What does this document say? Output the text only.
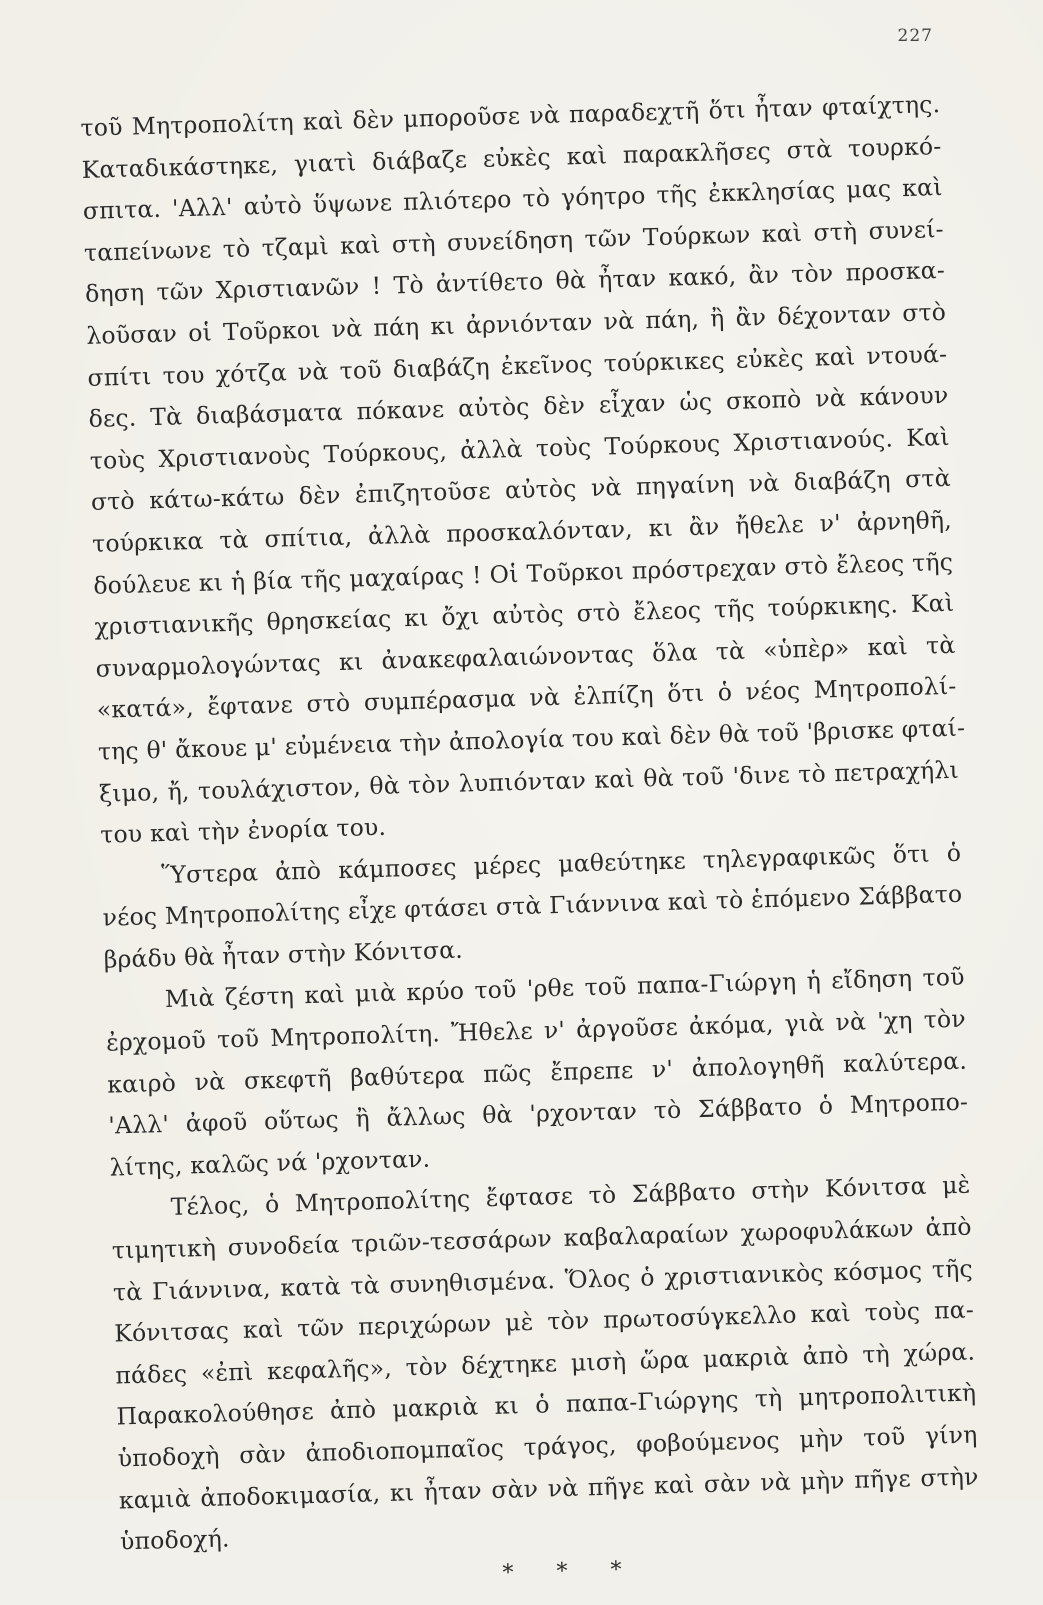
227
τοῦ Μητροπολίτη καὶ δὲν μποροῦσε νὰ παραδεχτῆ ὅτι ἦταν φταίχτης.
Καταδικάστηκε, γιατὶ διάβαζε εὐκὲς καὶ παρακλῆσες στὰ τουρκό-
σπιτα. 'Αλλ' αὐτὸ ὕψωνε πλιότερο τὸ γόητρο τῆς ἐκκλησίας μας καὶ
ταπείνωνε τὸ τζαμὶ καὶ στὴ συνείδηση τῶν Τούρκων καὶ στὴ συνεί-
δηση τῶν Χριστιανῶν ! Τὸ ἀντίθετο θὰ ἦταν κακό, ἂν τὸν προσκα-
λοῦσαν οἱ Τοῦρκοι νὰ πάη κι ἀρνιόνταν νὰ πάη, ἢ ἂν δέχονταν στὸ
σπίτι του χότζα νὰ τοῦ διαβάζη ἐκεῖνος τούρκικες εὐκὲς καὶ ντουά-
δες. Τὰ διαβάσματα πόκανε αὐτὸς δὲν εἶχαν ὡς σκοπὸ νὰ κάνουν
τοὺς Χριστιανοὺς Τούρκους, ἀλλὰ τοὺς Τούρκους Χριστιανούς. Καὶ
στὸ κάτω-κάτω δὲν ἐπιζητοῦσε αὐτὸς νὰ πηγαίνη νὰ διαβάζη στὰ
τούρκικα τὰ σπίτια, ἀλλὰ προσκαλόνταν, κι ἂν ἤθελε ν' ἀρνηθῆ,
δούλευε κι ἡ βία τῆς μαχαίρας ! Οἱ Τοῦρκοι πρόστρεχαν στὸ ἔλεος τῆς
χριστιανικῆς θρησκείας κι ὄχι αὐτὸς στὸ ἔλεος τῆς τούρκικης. Καὶ
συναρμολογώντας κι ἀνακεφαλαιώνοντας ὅλα τὰ «ὑπὲρ» καὶ τὰ
«κατά», ἔφτανε στὸ συμπέρασμα νὰ ἐλπίζη ὅτι ὁ νέος Μητροπολί-
της θ' ἄκουε μ' εὐμένεια τὴν ἀπολογία του καὶ δὲν θὰ τοῦ 'βρισκε φταί-
ξιμο, ἤ, τουλάχιστον, θὰ τὸν λυπιόνταν καὶ θὰ τοῦ 'δινε τὸ πετραχήλι
του καὶ τὴν ἐνορία του.
Ὕστερα ἀπὸ κάμποσες μέρες μαθεύτηκε τηλεγραφικῶς ὅτι ὁ
νέος Μητροπολίτης εἶχε φτάσει στὰ Γιάννινα καὶ τὸ ἑπόμενο Σάββατο
βράδυ θὰ ἦταν στὴν Κόνιτσα.
Μιὰ ζέστη καὶ μιὰ κρύο τοῦ 'ρθε τοῦ παπα-Γιώργη ἡ εἴδηση τοῦ
ἐρχομοῦ τοῦ Μητροπολίτη. Ἤθελε ν' ἀργοῦσε ἀκόμα, γιὰ νὰ 'χη τὸν
καιρὸ νὰ σκεφτῆ βαθύτερα πῶς ἔπρεπε ν' ἀπολογηθῆ καλύτερα.
'Αλλ' ἀφοῦ οὕτως ἢ ἄλλως θὰ 'ρχονταν τὸ Σάββατο ὁ Μητροπο-
λίτης, καλῶς νά 'ρχονταν.
Τέλος, ὁ Μητροπολίτης ἔφτασε τὸ Σάββατο στὴν Κόνιτσα μὲ
τιμητικὴ συνοδεία τριῶν-τεσσάρων καβαλαραίων χωροφυλάκων ἀπὸ
τὰ Γιάννινα, κατὰ τὰ συνηθισμένα. Ὅλος ὁ χριστιανικὸς κόσμος τῆς
Κόνιτσας καὶ τῶν περιχώρων μὲ τὸν πρωτοσύγκελλο καὶ τοὺς πα-
πάδες «ἐπὶ κεφαλῆς», τὸν δέχτηκε μισὴ ὥρα μακριὰ ἀπὸ τὴ χώρα.
Παρακολούθησε ἀπὸ μακριὰ κι ὁ παπα-Γιώργης τὴ μητροπολιτικὴ
ὑποδοχὴ σὰν ἀποδιοπομπαῖος τράγος, φοβούμενος μὴν τοῦ γίνη
καμιὰ ἀποδοκιμασία, κι ἦταν σὰν νὰ πῆγε καὶ σὰν νὰ μὴν πῆγε στὴν
ὑποδοχή.
* * *
